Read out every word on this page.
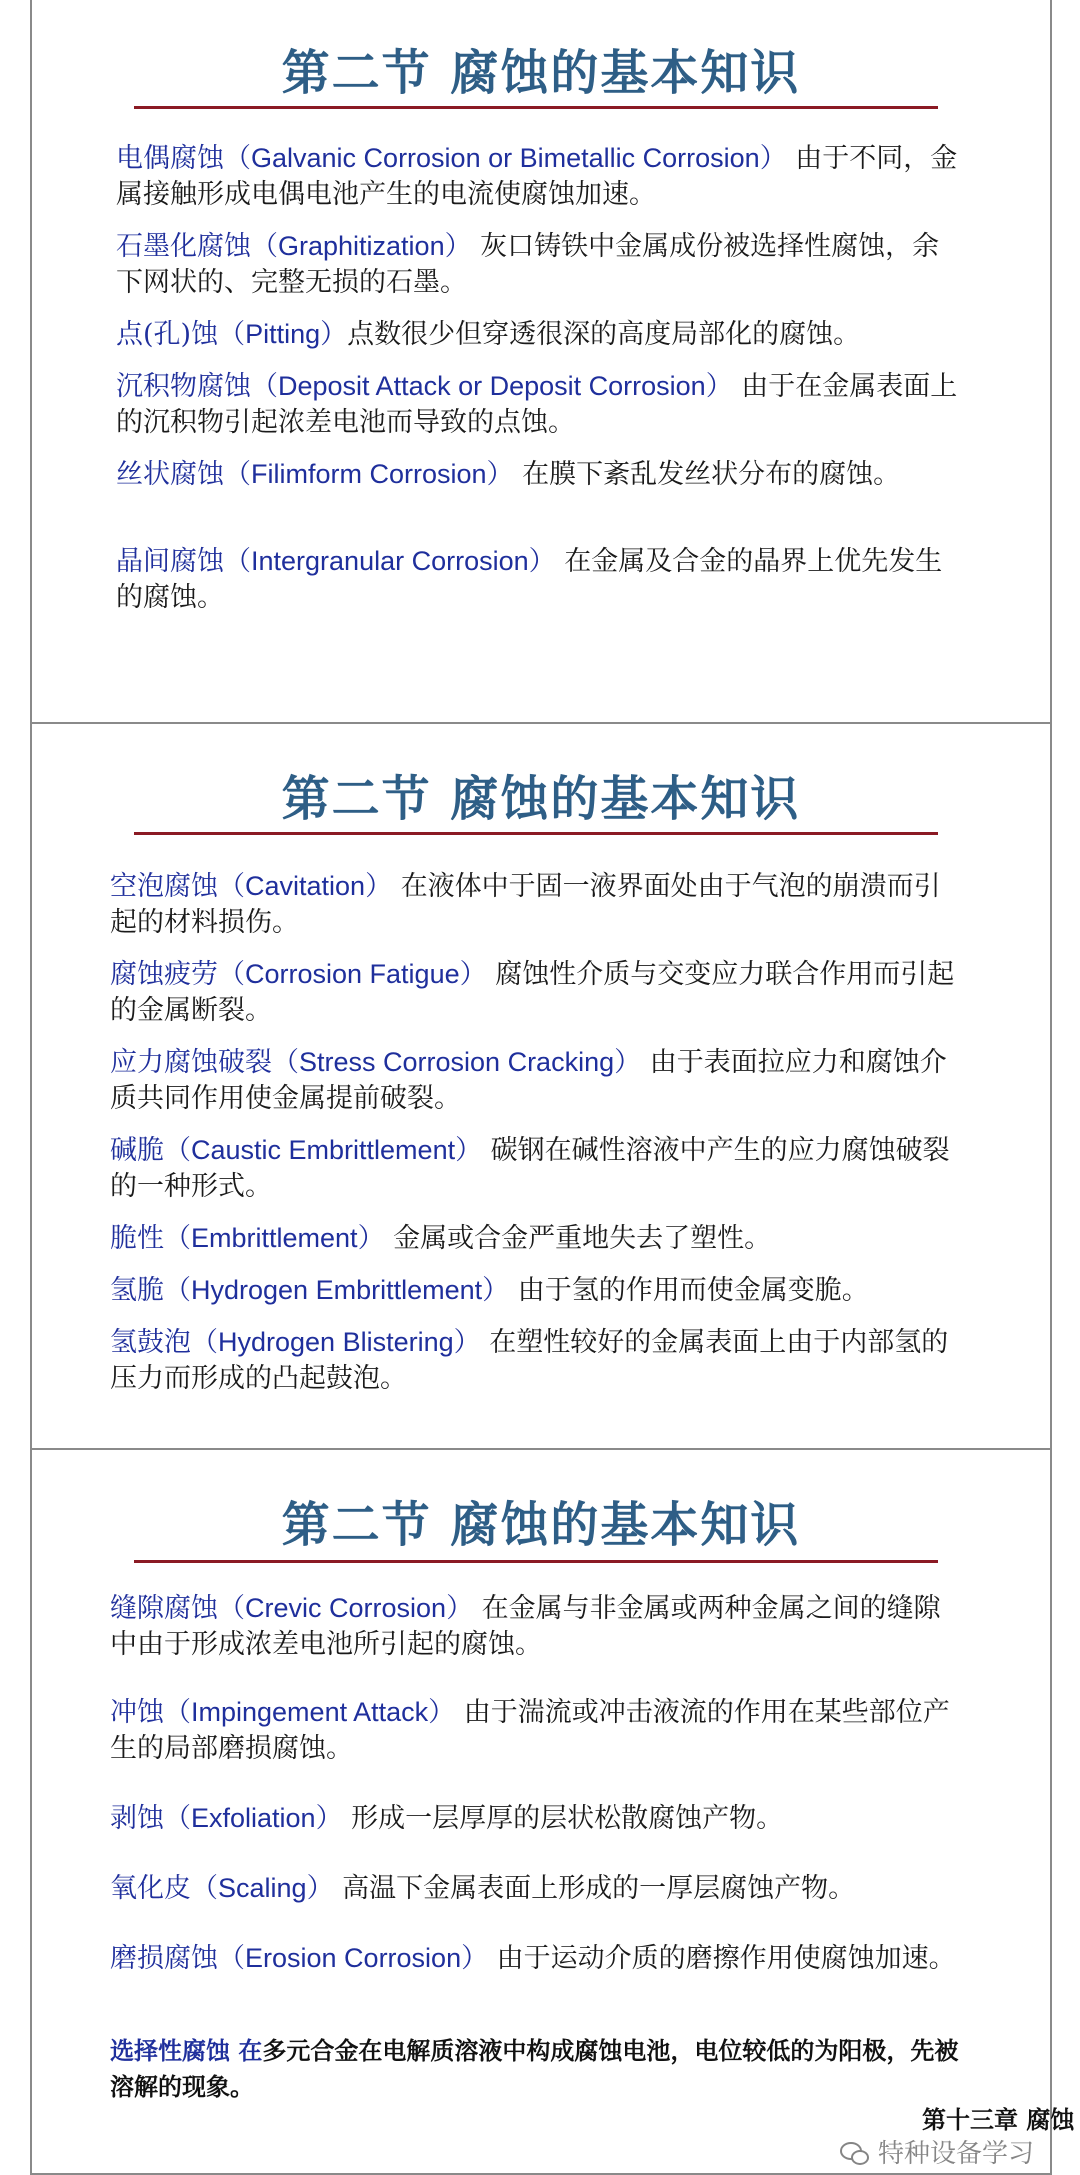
第二节 腐蚀的基本知识
电偶腐蚀（Galvanic Corrosion or Bimetallic Corrosion） 由于不同，金属接触形成电偶电池产生的电流使腐蚀加速。
石墨化腐蚀（Graphitization） 灰口铸铁中金属成份被选择性腐蚀，余下网状的、完整无损的石墨。
点(孔)蚀（Pitting）点数很少但穿透很深的高度局部化的腐蚀。
沉积物腐蚀（Deposit Attack or Deposit Corrosion） 由于在金属表面上的沉积物引起浓差电池而导致的点蚀。
丝状腐蚀（Filimform Corrosion） 在膜下紊乱发丝状分布的腐蚀。
晶间腐蚀（Intergranular Corrosion） 在金属及合金的晶界上优先发生的腐蚀。
第二节 腐蚀的基本知识
空泡腐蚀（Cavitation） 在液体中于固一液界面处由于气泡的崩溃而引起的材料损伤。
腐蚀疲劳（Corrosion Fatigue） 腐蚀性介质与交变应力联合作用而引起的金属断裂。
应力腐蚀破裂（Stress Corrosion Cracking） 由于表面拉应力和腐蚀介质共同作用使金属提前破裂。
碱脆（Caustic Embrittlement） 碳钢在碱性溶液中产生的应力腐蚀破裂的一种形式。
脆性（Embrittlement） 金属或合金严重地失去了塑性。
氢脆（Hydrogen Embrittlement） 由于氢的作用而使金属变脆。
氢鼓泡（Hydrogen Blistering） 在塑性较好的金属表面上由于内部氢的压力而形成的凸起鼓泡。
第二节 腐蚀的基本知识
缝隙腐蚀（Crevic Corrosion） 在金属与非金属或两种金属之间的缝隙中由于形成浓差电池所引起的腐蚀。
冲蚀（Impingement Attack） 由于湍流或冲击液流的作用在某些部位产生的局部磨损腐蚀。
剥蚀（Exfoliation） 形成一层厚厚的层状松散腐蚀产物。
氧化皮（Scaling） 高温下金属表面上形成的一厚层腐蚀产物。
磨损腐蚀（Erosion Corrosion） 由于运动介质的磨擦作用使腐蚀加速。
选择性腐蚀 在多元合金在电解质溶液中构成腐蚀电池，电位较低的为阳极，先被溶解的现象。
第十三章 腐蚀
特种设备学习
